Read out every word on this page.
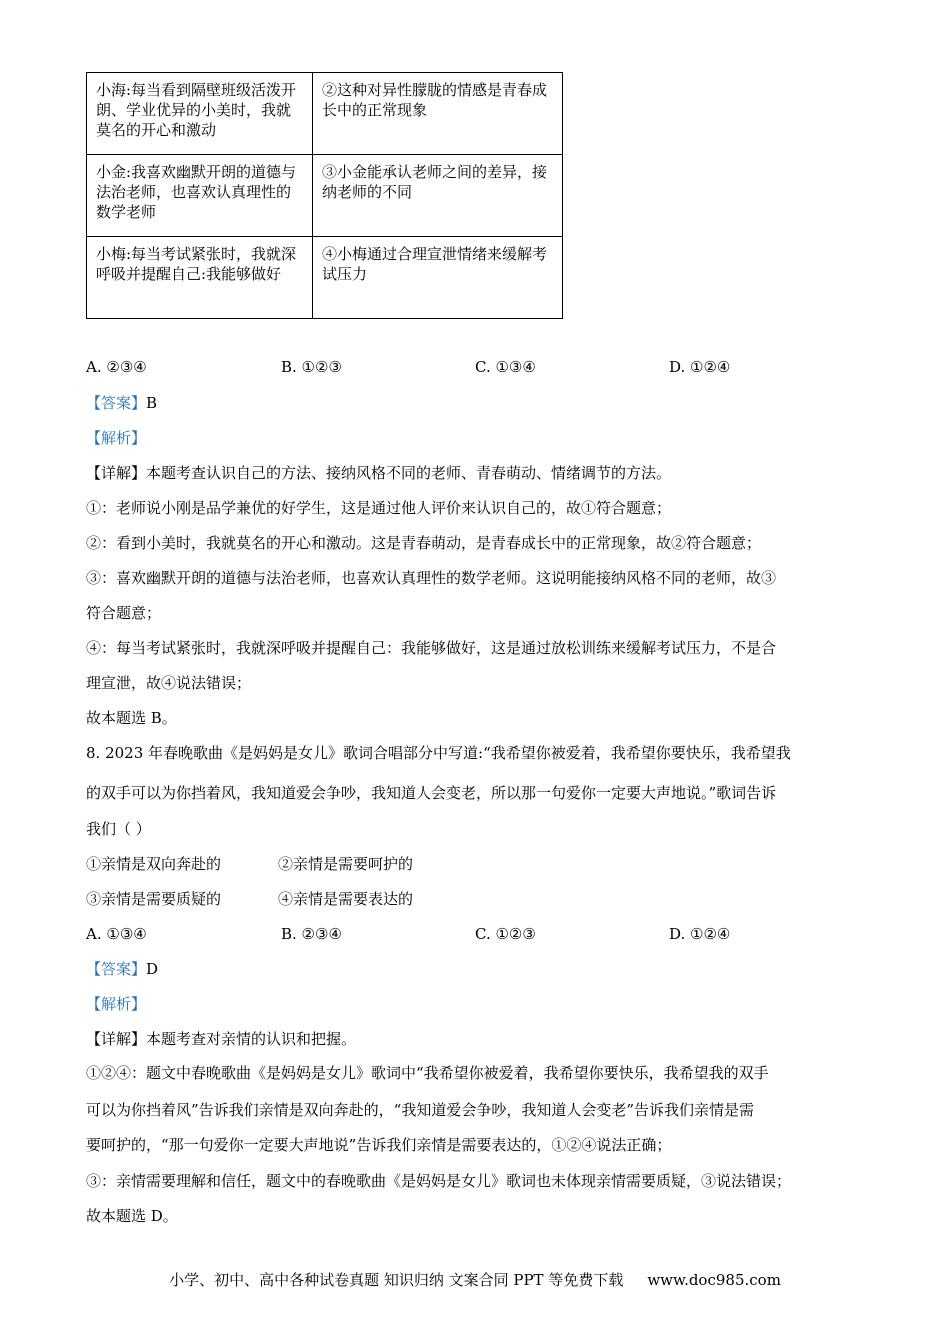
小海:每当看到隔壁班级活泼开朗、学业优异的小美时，我就莫名的开心和激动	②这种对异性朦胧的情感是青春成长中的正常现象
小金:我喜欢幽默开朗的道德与法治老师，也喜欢认真理性的数学老师	③小金能承认老师之间的差异，接纳老师的不同
小梅:每当考试紧张时，我就深呼吸并提醒自己:我能够做好	④小梅通过合理宣泄情绪来缓解考试压力
A. ②③④	B. ①②③	C. ①③④	D. ①②④
【答案】B
【解析】
【详解】本题考查认识自己的方法、接纳风格不同的老师、青春萌动、情绪调节的方法。
①：老师说小刚是品学兼优的好学生，这是通过他人评价来认识自己的，故①符合题意；
②：看到小美时，我就莫名的开心和激动。这是青春萌动，是青春成长中的正常现象，故②符合题意；
③：喜欢幽默开朗的道德与法治老师，也喜欢认真理性的数学老师。这说明能接纳风格不同的老师，故③
符合题意；
④：每当考试紧张时，我就深呼吸并提醒自己：我能够做好，这是通过放松训练来缓解考试压力，不是合
理宣泄，故④说法错误；
故本题选 B。
8. 2023 年春晚歌曲《是妈妈是女儿》歌词合唱部分中写道:“我希望你被爱着，我希望你要快乐，我希望我
的双手可以为你挡着风，我知道爱会争吵，我知道人会变老，所以那一句爱你一定要大声地说。”歌词告诉
我们（ ）
①亲情是双向奔赴的	②亲情是需要呵护的
③亲情是需要质疑的	④亲情是需要表达的
A. ①③④	B. ②③④	C. ①②③	D. ①②④
【答案】D
【解析】
【详解】本题考查对亲情的认识和把握。
①②④：题文中春晚歌曲《是妈妈是女儿》歌词中“我希望你被爱着，我希望你要快乐，我希望我的双手
可以为你挡着风”告诉我们亲情是双向奔赴的，“我知道爱会争吵，我知道人会变老”告诉我们亲情是需
要呵护的，“那一句爱你一定要大声地说”告诉我们亲情是需要表达的，①②④说法正确；
③：亲情需要理解和信任，题文中的春晚歌曲《是妈妈是女儿》歌词也未体现亲情需要质疑，③说法错误；
故本题选 D。
小学、初中、高中各种试卷真题 知识归纳 文案合同 PPT 等免费下载 www.doc985.com
